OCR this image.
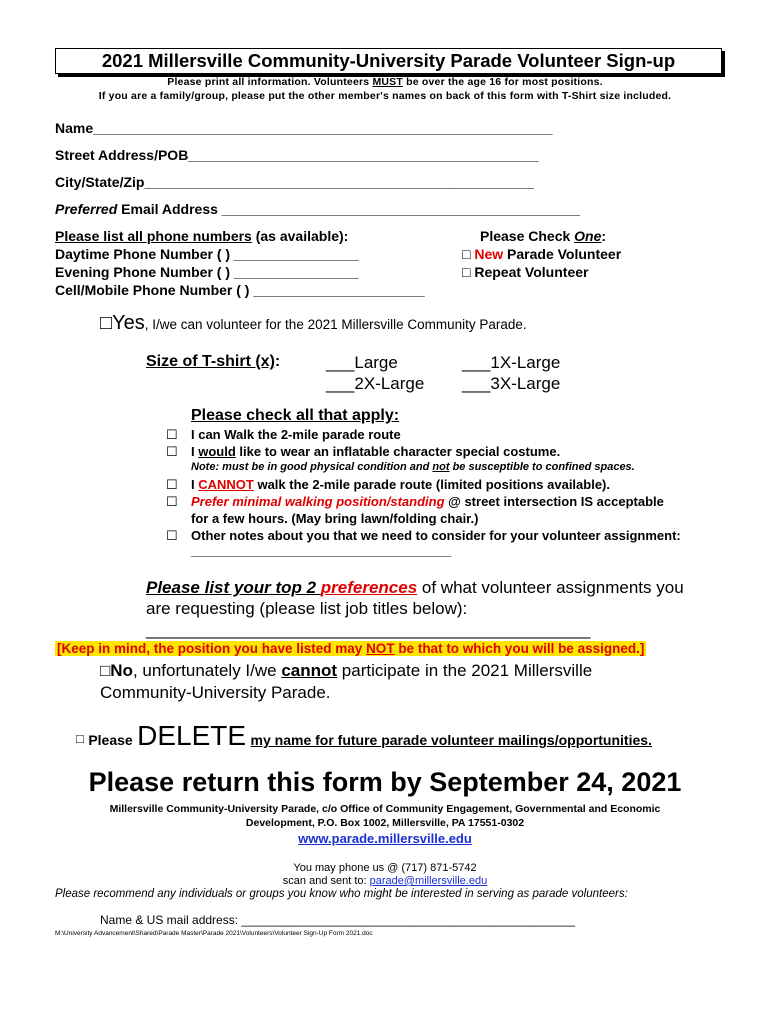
2021 Millersville Community-University Parade Volunteer Sign-up
Please print all information. Volunteers MUST be over the age 16 for most positions.
If you are a family/group, please put the other member's names on back of this form with T-Shirt size included.
Name___________________________________________________________
Street Address/POB_____________________________________________
City/State/Zip__________________________________________________
Preferred Email Address ______________________________________________
Please list all phone numbers (as available):
Daytime Phone Number ( ) ________________
Evening Phone Number ( ) ________________
Cell/Mobile Phone Number ( ) ______________________
Please Check One:
□ New Parade Volunteer
□ Repeat Volunteer
□Yes, I/we can volunteer for the 2021 Millersville Community Parade.
Size of T-shirt (x):	___Large	___1X-Large
___2X-Large ___3X-Large
Please check all that apply:
☐ I can Walk the 2-mile parade route
☐ I would like to wear an inflatable character special costume.
Note: must be in good physical condition and not be susceptible to confined spaces.
☐ I CANNOT walk the 2-mile parade route (limited positions available).
☐ Prefer minimal walking position/standing @ street intersection IS acceptable
for a few hours. (May bring lawn/folding chair.)
☐ Other notes about you that we need to consider for your volunteer assignment:
____________________________________
Please list your top 2 preferences of what volunteer assignments you
are requesting (please list job titles below):
_______________________________________________
[Keep in mind, the position you have listed may NOT be that to which you will be assigned.]
□No, unfortunately I/we cannot participate in the 2021 Millersville
Community-University Parade.
□ Please DELETE my name for future parade volunteer mailings/opportunities.
Please return this form by September 24, 2021
Millersville Community-University Parade, c/o Office of Community Engagement, Governmental and Economic
Development, P.O. Box 1002, Millersville, PA 17551-0302
www.parade.millersville.edu
You may phone us @ (717) 871-5742
scan and sent to: parade@millersville.edu
Please recommend any individuals or groups you know who might be interested in serving as parade volunteers:
Name & US mail address: __________________________________________________
M:\University Advancement\Shared\Parade Master\Parade 2021\Volunteers\Volunteer Sign-Up Form 2021.doc
